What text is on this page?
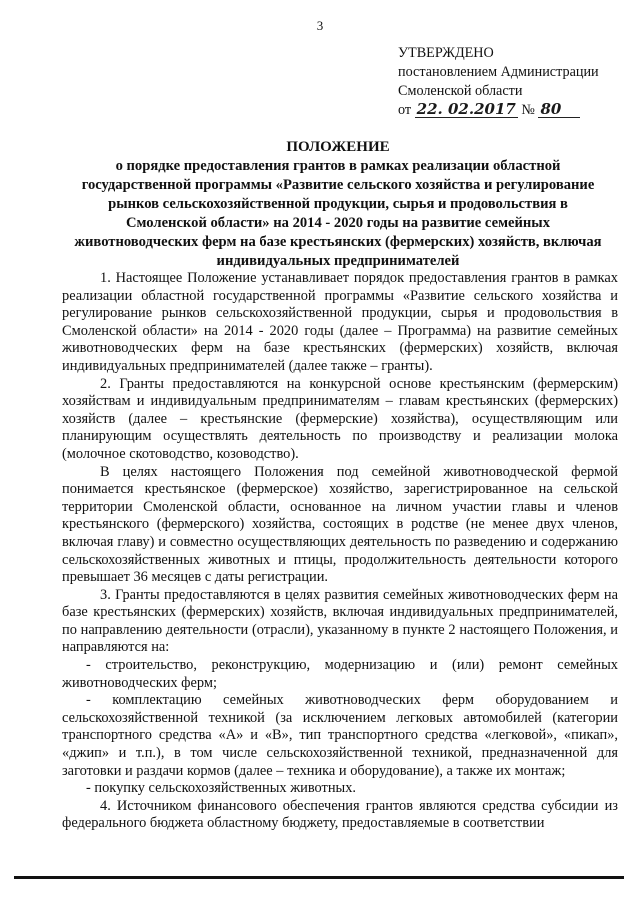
3
УТВЕРЖДЕНО
постановлением Администрации
Смоленской области
от 22. 02.2017 № 80
ПОЛОЖЕНИЕ
о порядке предоставления грантов в рамках реализации областной
государственной программы «Развитие сельского хозяйства и регулирование
рынков сельскохозяйственной продукции, сырья и продовольствия в
Смоленской области» на 2014 - 2020 годы на развитие семейных
животноводческих ферм на базе крестьянских (фермерских) хозяйств, включая
индивидуальных предпринимателей

1. Настоящее Положение устанавливает порядок предоставления грантов в рамках реализации областной государственной программы «Развитие сельского хозяйства и регулирование рынков сельскохозяйственной продукции, сырья и продовольствия в Смоленской области» на 2014 - 2020 годы (далее – Программа) на развитие семейных животноводческих ферм на базе крестьянских (фермерских) хозяйств, включая индивидуальных предпринимателей (далее также – гранты).

2. Гранты предоставляются на конкурсной основе крестьянским (фермерским) хозяйствам и индивидуальным предпринимателям – главам крестьянских (фермерских) хозяйств (далее – крестьянские (фермерские) хозяйства), осуществляющим или планирующим осуществлять деятельность по производству и реализации молока (молочное скотоводство, козоводство).

В целях настоящего Положения под семейной животноводческой фермой понимается крестьянское (фермерское) хозяйство, зарегистрированное на сельской территории Смоленской области, основанное на личном участии главы и членов крестьянского (фермерского) хозяйства, состоящих в родстве (не менее двух членов, включая главу) и совместно осуществляющих деятельность по разведению и содержанию сельскохозяйственных животных и птицы, продолжительность деятельности которого превышает 36 месяцев с даты регистрации.

3. Гранты предоставляются в целях развития семейных животноводческих ферм на базе крестьянских (фермерских) хозяйств, включая индивидуальных предпринимателей, по направлению деятельности (отрасли), указанному в пункте 2 настоящего Положения, и направляются на:

- строительство, реконструкцию, модернизацию и (или) ремонт семейных животноводческих ферм;

- комплектацию семейных животноводческих ферм оборудованием и сельскохозяйственной техникой (за исключением легковых автомобилей (категории транспортного средства «А» и «В», тип транспортного средства «легковой», «пикап», «джип» и т.п.), в том числе сельскохозяйственной техникой, предназначенной для заготовки и раздачи кормов (далее – техника и оборудование), а также их монтаж;

- покупку сельскохозяйственных животных.

4. Источником финансового обеспечения грантов являются средства субсидии из федерального бюджета областному бюджету, предоставляемые в соответствии
